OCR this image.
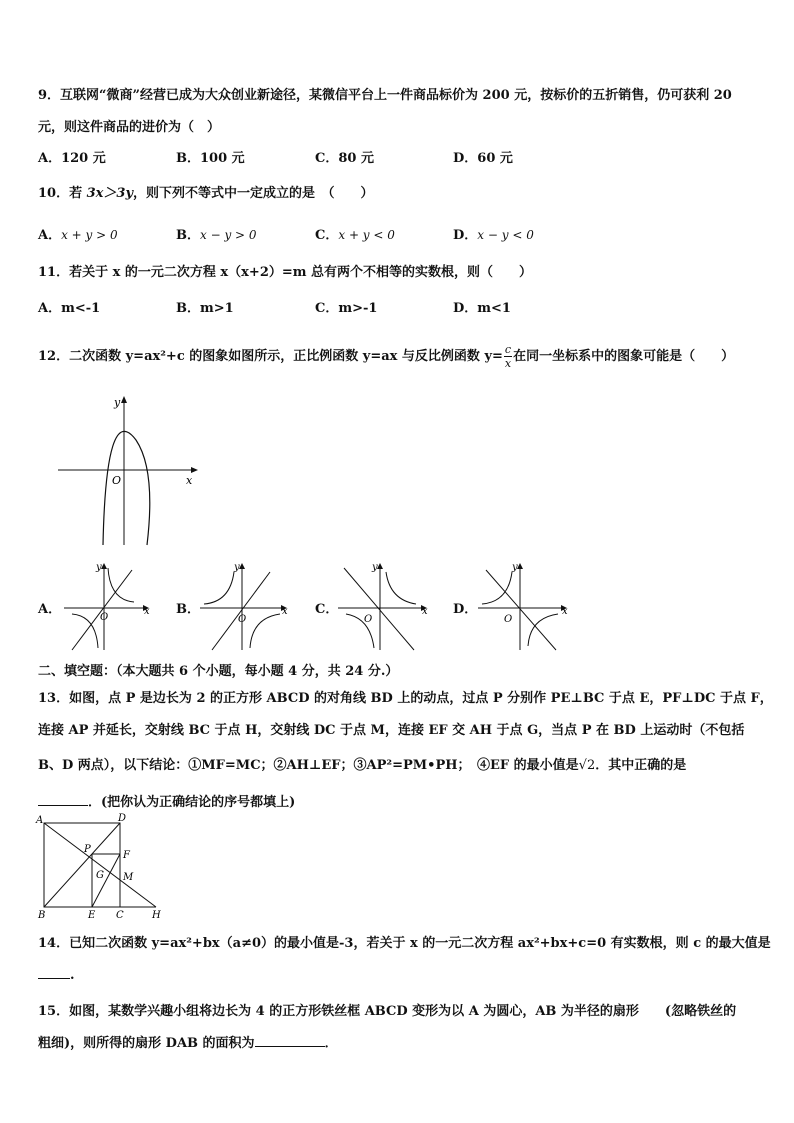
9．互联网“微商”经营已成为大众创业新途径，某微信平台上一件商品标价为 200 元，按标价的五折销售，仍可获利 20
元，则这件商品的进价为（　）
A．120 元	B．100 元	C．80 元	D．60 元
10．若 3x＞3y，则下列不等式中一定成立的是　（　　）
A．x + y > 0	B．x − y > 0	C．x + y < 0	D．x − y < 0
11．若关于 x 的一元二次方程 x（x+2）=m 总有两个不相等的实数根，则（　　）
A．m<-1	B．m>1	C．m>-1	D．m<1
12．二次函数 y=ax²+c 的图象如图所示，正比例函数 y=ax 与反比例函数 $y= \frac{c}{x}$ 在同一坐标系中的图象可能是（　　）
y
x
O
A．
y
x
O
B．
y
x
O
C．
y
x
O
D．
y
x
O
二、填空题：（本大题共 6 个小题，每小题 4 分，共 24 分.）
13．如图，点 P 是边长为 2 的正方形 ABCD 的对角线 BD 上的动点，过点 P 分别作 PE⊥BC 于点 E，PF⊥DC 于点 F，
连接 AP 并延长，交射线 BC 于点 H，交射线 DC 于点 M，连接 EF 交 AH 于点 G，当点 P 在 BD 上运动时（不包括
B、D 两点），以下结论：①MF=MC；②AH⊥EF；③AP²=PM•PH；　④EF 的最小值是√2．其中正确的是
．(把你认为正确结论的序号都填上)
A	D
P
F
G M
B	E C	H
14．已知二次函数 y=ax²+bx（a≠0）的最小值是-3，若关于 x 的一元二次方程 ax²+bx+c=0 有实数根，则 c 的最大值是
.
15．如图，某数学兴趣小组将边长为 4 的正方形铁丝框 ABCD 变形为以 A 为圆心，AB 为半径的扇形　　(忽略铁丝的
粗细)，则所得的扇形 DAB 的面积为	．
